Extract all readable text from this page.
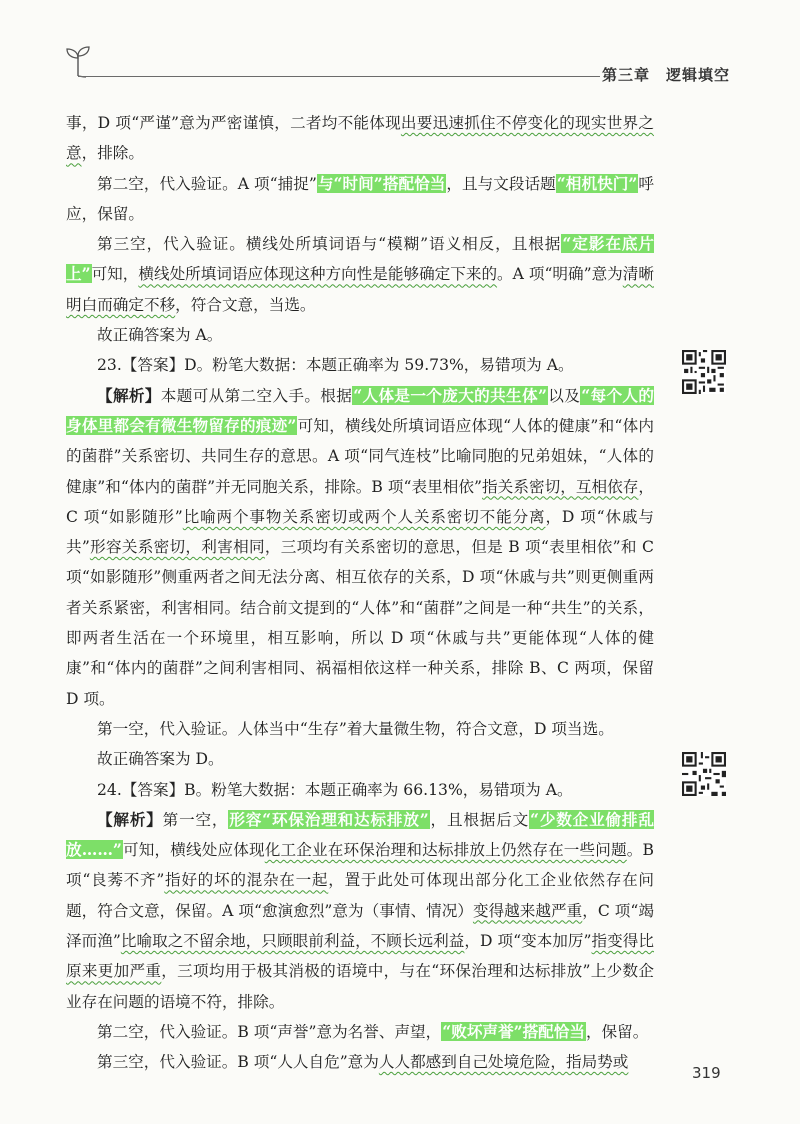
第三章 逻辑填空

事，D 项“严谨”意为严密谨慎，二者均不能体现出要迅速抓住不停变化的现实世界之意，排除。

第二空，代入验证。A 项“捕捉”与“时间”搭配恰当，且与文段话题“相机快门”呼应，保留。

第三空，代入验证。横线处所填词语与“模糊”语义相反，且根据“定影在底片上”可知，横线处所填词语应体现这种方向性是能够确定下来的。A 项“明确”意为清晰明白而确定不移，符合文意，当选。

故正确答案为 A。

23.【答案】D。粉笔大数据：本题正确率为 59.73%，易错项为 A。

【解析】本题可从第二空入手。根据“人体是一个庞大的共生体”以及“每个人的身体里都会有微生物留存的痕迹”可知，横线处所填词语应体现“人体的健康”和“体内的菌群”关系密切、共同生存的意思。A 项“同气连枝”比喻同胞的兄弟姐妹，“人体的健康”和“体内的菌群”并无同胞关系，排除。B 项“表里相依”指关系密切，互相依存，C 项“如影随形”比喻两个事物关系密切或两个人关系密切不能分离，D 项“休戚与共”形容关系密切，利害相同，三项均有关系密切的意思，但是 B 项“表里相依”和 C 项“如影随形”侧重两者之间无法分离、相互依存的关系，D 项“休戚与共”则更侧重两者关系紧密，利害相同。结合前文提到的“人体”和“菌群”之间是一种“共生”的关系，即两者生活在一个环境里，相互影响，所以 D 项“休戚与共”更能体现“人体的健康”和“体内的菌群”之间利害相同、祸福相依这样一种关系，排除 B、C 两项，保留 D 项。

第一空，代入验证。人体当中“生存”着大量微生物，符合文意，D 项当选。

故正确答案为 D。

24.【答案】B。粉笔大数据：本题正确率为 66.13%，易错项为 A。

【解析】第一空，形容“环保治理和达标排放”，且根据后文“少数企业偷排乱放……”可知，横线处应体现化工企业在环保治理和达标排放上仍然存在一些问题。B 项“良莠不齐”指好的坏的混杂在一起，置于此处可体现出部分化工企业依然存在问题，符合文意，保留。A 项“愈演愈烈”意为（事情、情况）变得越来越严重，C 项“竭泽而渔”比喻取之不留余地，只顾眼前利益，不顾长远利益，D 项“变本加厉”指变得比原来更加严重，三项均用于极其消极的语境中，与在“环保治理和达标排放”上少数企业存在问题的语境不符，排除。

第二空，代入验证。B 项“声誉”意为名誉、声望，“败坏声誉”搭配恰当，保留。

第三空，代入验证。B 项“人人自危”意为人人都感到自己处境危险，指局势或

319
